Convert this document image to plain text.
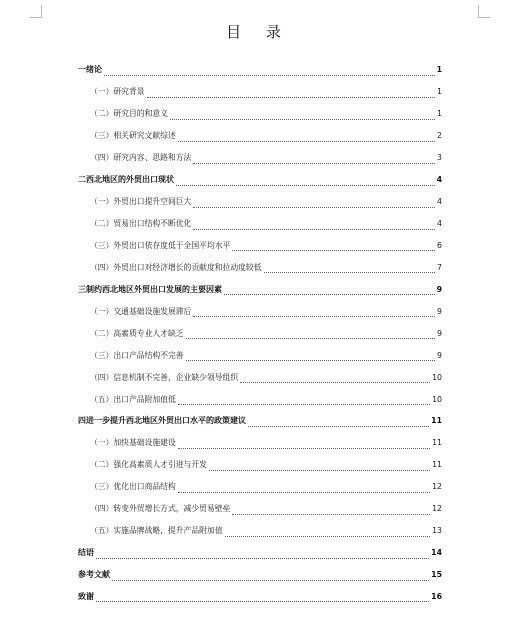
目 录
一绪论	1
（一）研究背景	1
（二）研究目的和意义	1
（三）相关研究文献综述	2
（四）研究内容、思路和方法	3
二西北地区的外贸出口现状	4
（一）外贸出口提升空间巨大	4
（二）贸易出口结构不断优化	4
（三）外贸出口依存度低于全国平均水平	6
（四）外贸出口对经济增长的贡献度和拉动度较低	7
三制约西北地区外贸出口发展的主要因素	9
（一）交通基础设施发展滞后	9
（二）高素质专业人才缺乏	9
（三）出口产品结构不完善	9
（四）信息机制不完善，企业缺少领导组织	10
（五）出口产品附加值低	10
四进一步提升西北地区外贸出口水平的政策建议	11
（一）加快基础设施建设	11
（二）强化高素质人才引进与开发	11
（三）优化出口商品结构	12
（四）转变外贸增长方式，减少贸易壁垒	12
（五）实施品牌战略，提升产品附加值	13
结语	14
参考文献	15
致谢	16
